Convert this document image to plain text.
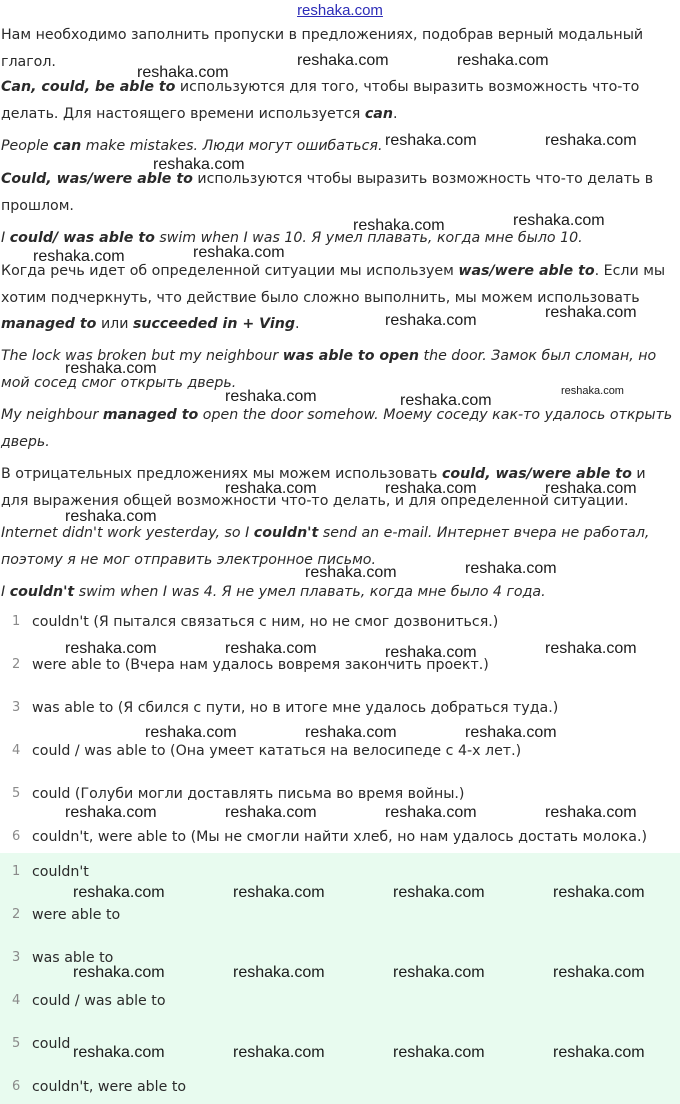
reshaka.com
Нам необходимо заполнить пропуски в предложениях, подобрав верный модальный глагол.
Can, could, be able to используются для того, чтобы выразить возможность что-то делать. Для настоящего времени используется can.
People can make mistakes. Люди могут ошибаться.
Could, was/were able to используются чтобы выразить возможность что-то делать в прошлом.
I could/ was able to swim when I was 10. Я умел плавать, когда мне было 10.
Когда речь идет об определенной ситуации мы используем was/were able to. Если мы хотим подчеркнуть, что действие было сложно выполнить, мы можем использовать managed to или succeeded in + Ving.
The lock was broken but my neighbour was able to open the door. Замок был сломан, но мой сосед смог открыть дверь.
My neighbour managed to open the door somehow. Моему соседу как-то удалось открыть дверь.
В отрицательных предложениях мы можем использовать could, was/were able to и для выражения общей возможности что-то делать, и для определенной ситуации.
Internet didn't work yesterday, so I couldn't send an e-mail. Интернет вчера не работал, поэтому я не мог отправить электронное письмо.
I couldn't swim when I was 4. Я не умел плавать, когда мне было 4 года.
1 couldn't (Я пытался связаться с ним, но не смог дозвониться.)
2 were able to (Вчера нам удалось вовремя закончить проект.)
3 was able to (Я сбился с пути, но в итоге мне удалось добраться туда.)
4 could / was able to (Она умеет кататься на велосипеде с 4-х лет.)
5 could (Голуби могли доставлять письма во время войны.)
6 couldn't, were able to (Мы не смогли найти хлеб, но нам удалось достать молока.)
1 couldn't
2 were able to
3 was able to
4 could / was able to
5 could
6 couldn't, were able to
reshaka.com	reshaka.com
reshaka.com
reshaka.com	reshaka.com
reshaka.com
reshaka.com	reshaka.com
reshaka.com	reshaka.com
reshaka.com	reshaka.com
reshaka.com
reshaka.com	reshaka.com
reshaka.com
reshaka.com	reshaka.com	reshaka.com
reshaka.com
reshaka.com	reshaka.com
reshaka.com	reshaka.com	reshaka.com	reshaka.com
reshaka.com	reshaka.com	reshaka.com
reshaka.com	reshaka.com	reshaka.com	reshaka.com
reshaka.com	reshaka.com	reshaka.com	reshaka.com
reshaka.com	reshaka.com	reshaka.com	reshaka.com
reshaka.com	reshaka.com	reshaka.com	reshaka.com
